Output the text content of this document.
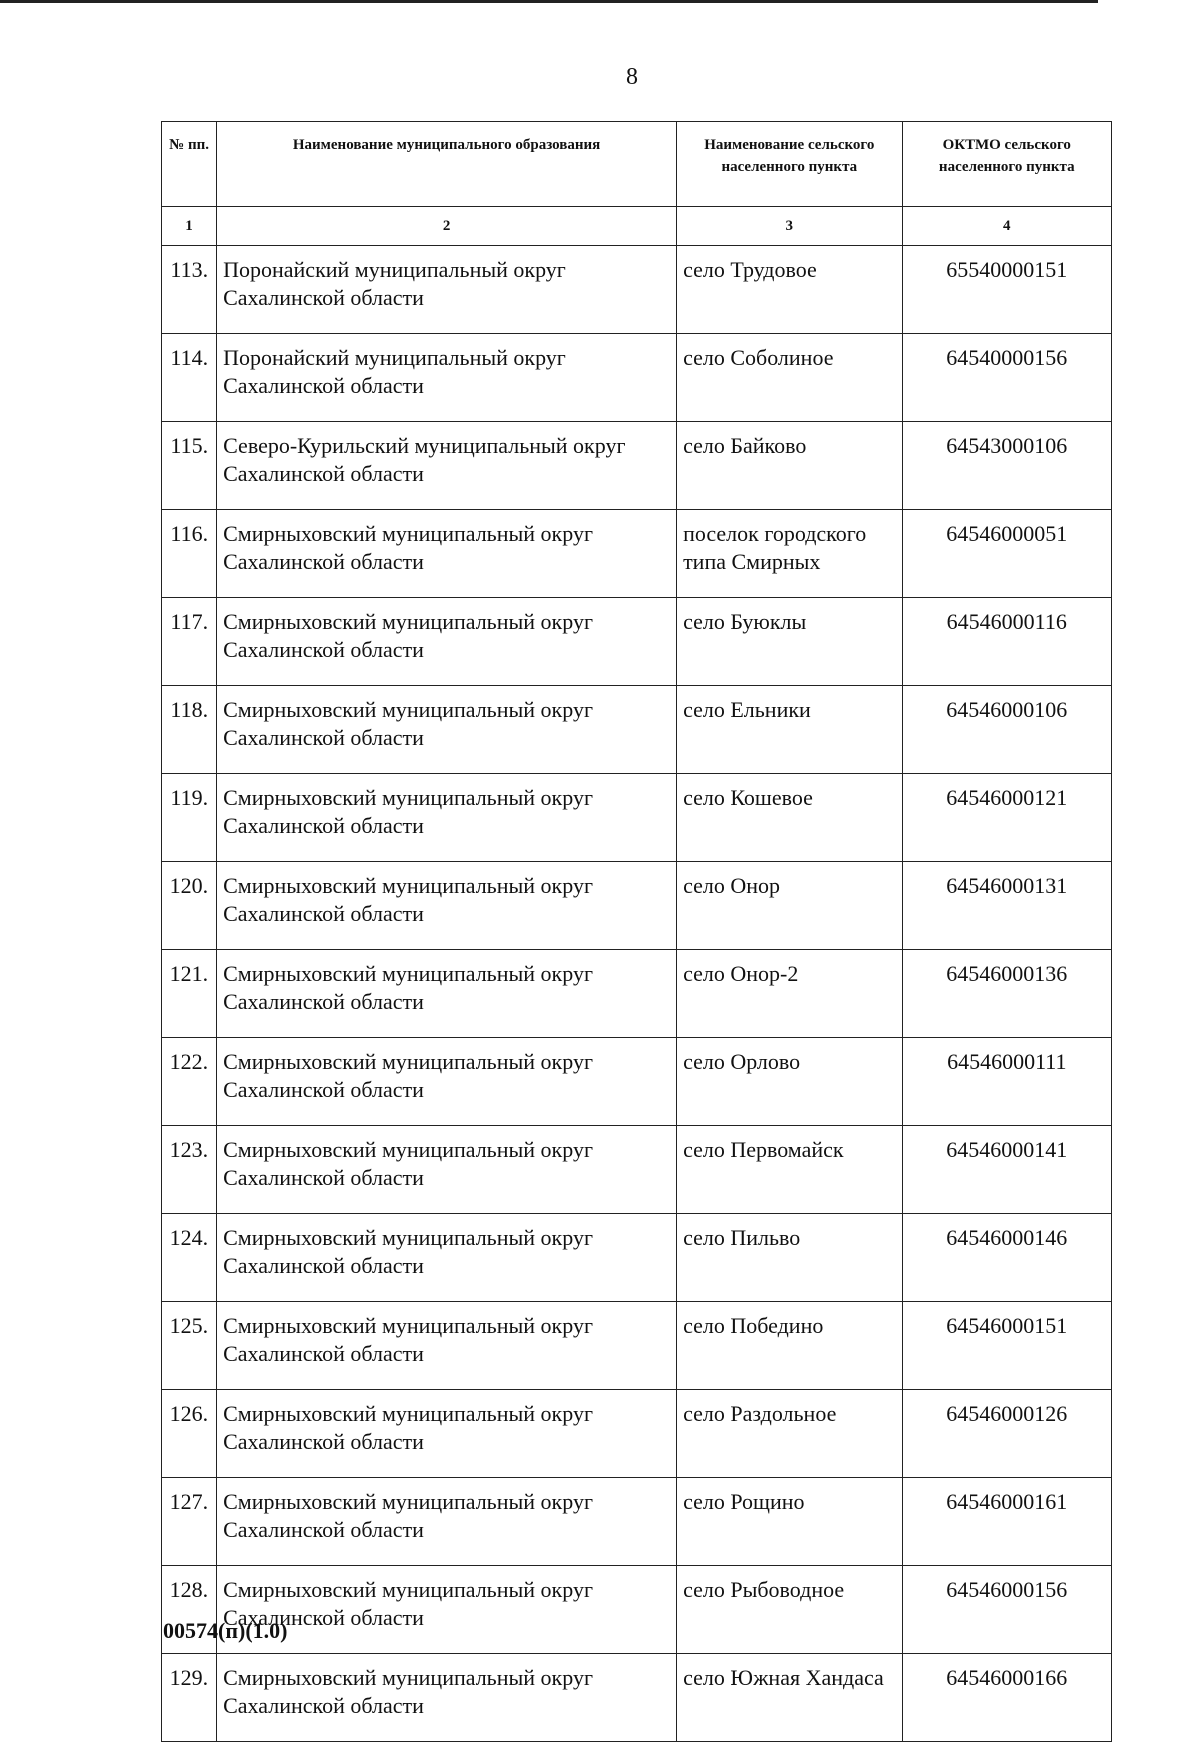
8
№ пп.	Наименование муниципального образования	Наименование сельского населенного пункта	ОКТМО сельского населенного пункта
1	2	3	4
113.	Поронайский муниципальный округ Сахалинской области	село Трудовое	65540000151
114.	Поронайский муниципальный округ Сахалинской области	село Соболиное	64540000156
115.	Северо-Курильский муниципальный округ Сахалинской области	село Байково	64543000106
116.	Смирныховский муниципальный округ Сахалинской области	поселок городского типа Смирных	64546000051
117.	Смирныховский муниципальный округ Сахалинской области	село Буюклы	64546000116
118.	Смирныховский муниципальный округ Сахалинской области	село Ельники	64546000106
119.	Смирныховский муниципальный округ Сахалинской области	село Кошевое	64546000121
120.	Смирныховский муниципальный округ Сахалинской области	село Онор	64546000131
121.	Смирныховский муниципальный округ Сахалинской области	село Онор-2	64546000136
122.	Смирныховский муниципальный округ Сахалинской области	село Орлово	64546000111
123.	Смирныховский муниципальный округ Сахалинской области	село Первомайск	64546000141
124.	Смирныховский муниципальный округ Сахалинской области	село Пильво	64546000146
125.	Смирныховский муниципальный округ Сахалинской области	село Победино	64546000151
126.	Смирныховский муниципальный округ Сахалинской области	село Раздольное	64546000126
127.	Смирныховский муниципальный округ Сахалинской области	село Рощино	64546000161
128.	Смирныховский муниципальный округ Сахалинской области	село Рыбоводное	64546000156
129.	Смирныховский муниципальный округ Сахалинской области	село Южная Хандаса	64546000166
00574(п)(1.0)
